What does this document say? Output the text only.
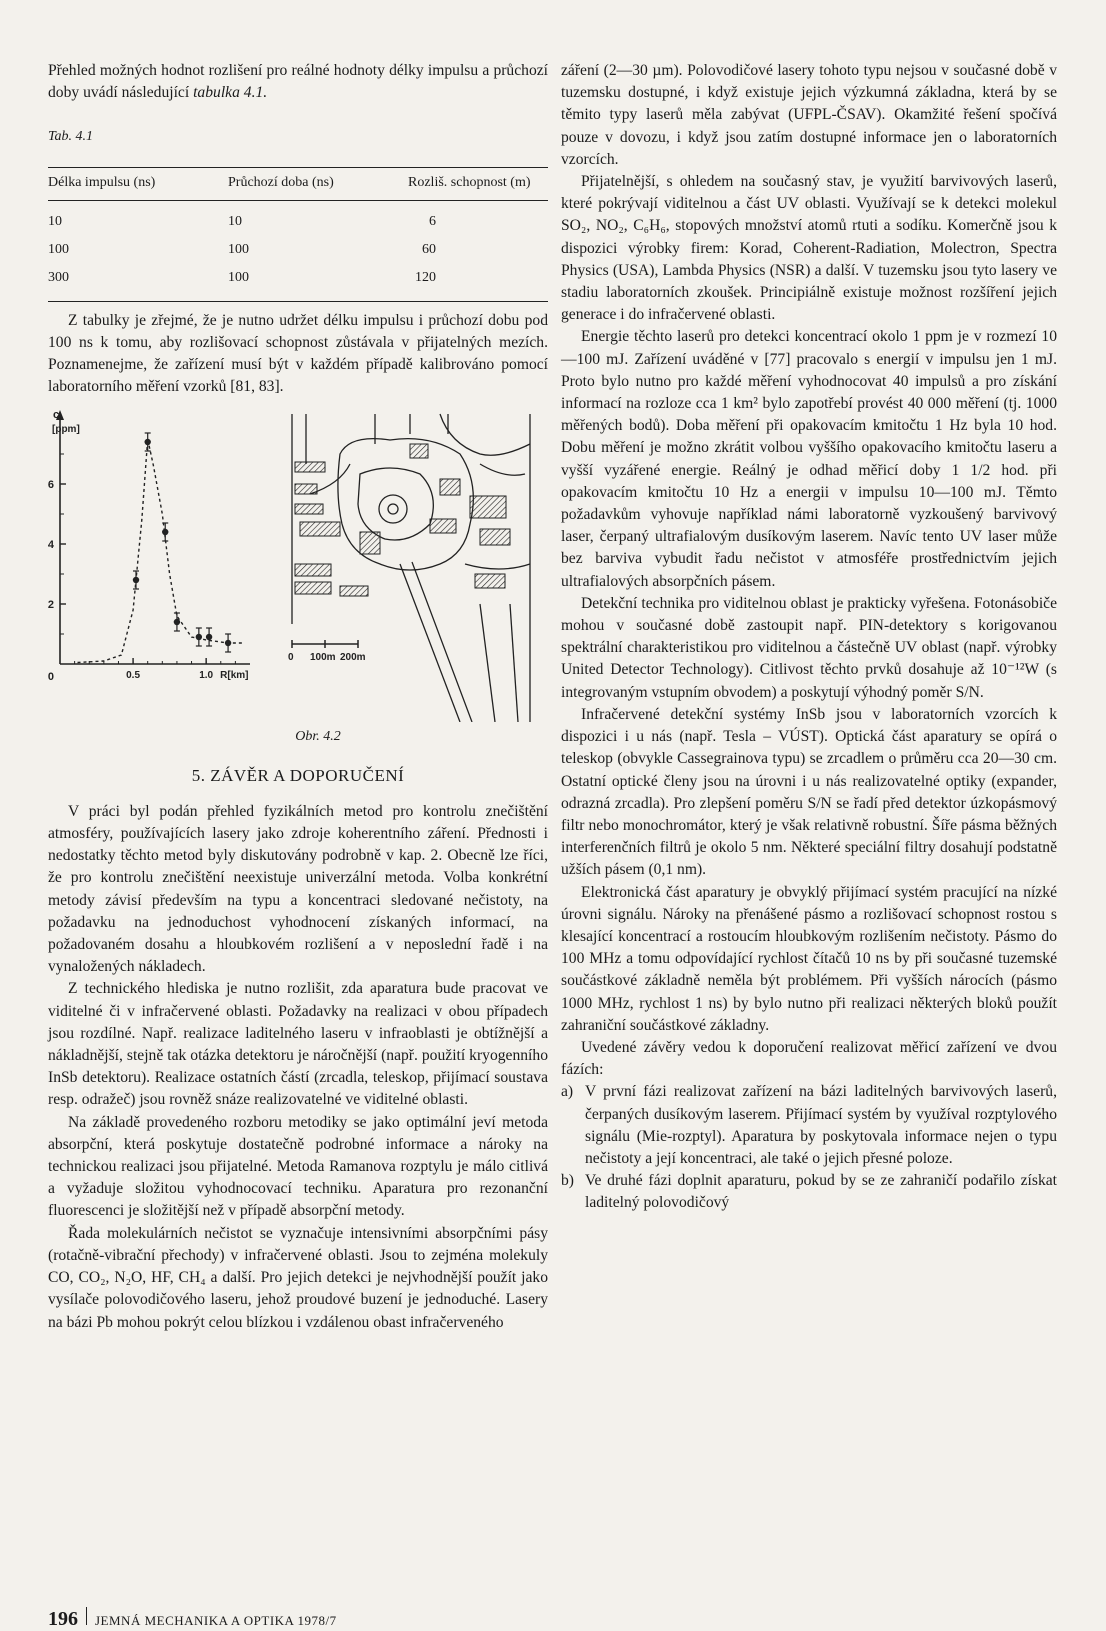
Přehled možných hodnot rozlišení pro reálné hodnoty délky impulsu a průchozí doby uvádí následující tabulka 4.1.

Tab. 4.1
Délka impulsu (ns)	Průchozí doba (ns)	Rozliš. schopnost (m)
10	10	6
100	100	60
300	100	120

Z tabulky je zřejmé, že je nutno udržet délku impulsu i průchozí dobu pod 100 ns k tomu, aby rozlišovací schopnost zůstávala v přijatelných mezích. Poznamenejme, že zařízení musí být v každém případě kalibrováno pomocí laboratorního měření vzorků [81, 83].

6
4
2
0	0.5	1.0 R[km]
c
[ppm]
0 100m 200m
Obr. 4.2
5. ZÁVĚR A DOPORUČENÍ

V práci byl podán přehled fyzikálních metod pro kontrolu znečištění atmosféry, používajících lasery jako zdroje koherentního záření. Přednosti i nedostatky těchto metod byly diskutovány podrobně v kap. 2. Obecně lze říci, že pro kontrolu znečištění neexistuje univerzální metoda. Volba konkrétní metody závisí především na typu a koncentraci sledované nečistoty, na požadavku na jednoduchost vyhodnocení získaných informací, na požadovaném dosahu a hloubkovém rozlišení a v neposlední řadě i na vynaložených nákladech.

Z technického hlediska je nutno rozlišit, zda aparatura bude pracovat ve viditelné či v infračervené oblasti. Požadavky na realizaci v obou případech jsou rozdílné. Např. realizace laditelného laseru v infraoblasti je obtížnější a nákladnější, stejně tak otázka detektoru je náročnější (např. použití kryogenního InSb detektoru). Realizace ostatních částí (zrcadla, teleskop, přijímací soustava resp. odražeč) jsou rovněž snáze realizovatelné ve viditelné oblasti.

Na základě provedeného rozboru metodiky se jako optimální jeví metoda absorpční, která poskytuje dostatečně podrobné informace a nároky na technickou realizaci jsou přijatelné. Metoda Ramanova rozptylu je málo citlivá a vyžaduje složitou vyhodnocovací techniku. Aparatura pro rezonanční fluorescenci je složitější než v případě absorpční metody.

Řada molekulárních nečistot se vyznačuje intensivními absorpčními pásy (rotačně-vibrační přechody) v infračervené oblasti. Jsou to zejména molekuly CO, CO₂, N₂O, HF, CH₄ a další. Pro jejich detekci je nejvhodnější použít jako vysílače polovodičového laseru, jehož proudové buzení je jednoduché. Lasery na bázi Pb mohou pokrýt celou blízkou i vzdálenou obast infračerveného

záření (2—30 µm). Polovodičové lasery tohoto typu nejsou v současné době v tuzemsku dostupné, i když existuje jejich výzkumná základna, která by se těmito typy laserů měla zabývat (UFPL-ČSAV). Okamžité řešení spočívá pouze v dovozu, i když jsou zatím dostupné informace jen o laboratorních vzorcích.

Přijatelnější, s ohledem na současný stav, je využití barvivových laserů, které pokrývají viditelnou a část UV oblasti. Využívají se k detekci molekul SO₂, NO₂, C₆H₆, stopových množství atomů rtuti a sodíku. Komerčně jsou k dispozici výrobky firem: Korad, Coherent-Radiation, Molectron, Spectra Physics (USA), Lambda Physics (NSR) a další. V tuzemsku jsou tyto lasery ve stadiu laboratorních zkoušek. Principiálně existuje možnost rozšíření jejich generace i do infračervené oblasti.

Energie těchto laserů pro detekci koncentrací okolo 1 ppm je v rozmezí 10—100 mJ. Zařízení uváděné v [77] pracovalo s energií v impulsu jen 1 mJ. Proto bylo nutno pro každé měření vyhodnocovat 40 impulsů a pro získání informací na rozloze cca 1 km² bylo zapotřebí provést 40 000 měření (tj. 1000 měřených bodů). Doba měření při opakovacím kmitočtu 1 Hz byla 10 hod. Dobu měření je možno zkrátit volbou vyššího opakovacího kmitočtu laseru a vyšší vyzářené energie. Reálný je odhad měřicí doby 1 1/2 hod. při opakovacím kmitočtu 10 Hz a energii v impulsu 10—100 mJ. Těmto požadavkům vyhovuje například námi laboratorně vyzkoušený barvivový laser, čerpaný ultrafialovým dusíkovým laserem. Navíc tento UV laser může bez barviva vybudit řadu nečistot v atmosféře prostřednictvím jejich ultrafialových absorpčních pásem.

Detekční technika pro viditelnou oblast je prakticky vyřešena. Fotonásobiče mohou v současné době zastoupit např. PIN-detektory s korigovanou spektrální charakteristikou pro viditelnou a částečně UV oblast (např. výrobky United Detector Technology). Citlivost těchto prvků dosahuje až 10⁻¹²W (s integrovaným vstupním obvodem) a poskytují výhodný poměr S/N.

Infračervené detekční systémy InSb jsou v laboratorních vzorcích k dispozici i u nás (např. Tesla – VÚST). Optická část aparatury se opírá o teleskop (obvykle Cassegrainova typu) se zrcadlem o průměru cca 20—30 cm. Ostatní optické členy jsou na úrovni i u nás realizovatelné optiky (expander, odrazná zrcadla). Pro zlepšení poměru S/N se řadí před detektor úzkopásmový filtr nebo monochromátor, který je však relativně robustní. Šíře pásma běžných interferenčních filtrů je okolo 5 nm. Některé speciální filtry dosahují podstatně užších pásem (0,1 nm).

Elektronická část aparatury je obvyklý přijímací systém pracující na nízké úrovni signálu. Nároky na přenášené pásmo a rozlišovací schopnost rostou s klesající koncentrací a rostoucím hloubkovým rozlišením nečistoty. Pásmo do 100 MHz a tomu odpovídající rychlost čítačů 10 ns by při současné tuzemské součástkové základně neměla být problémem. Při vyšších nárocích (pásmo 1000 MHz, rychlost 1 ns) by bylo nutno při realizaci některých bloků použít zahraniční součástkové základny.

Uvedené závěry vedou k doporučení realizovat měřicí zařízení ve dvou fázích:

a) V první fázi realizovat zařízení na bázi laditelných barvivových laserů, čerpaných dusíkovým laserem. Přijímací systém by využíval rozptylového signálu (Mie-rozptyl). Aparatura by poskytovala informace nejen o typu nečistoty a její koncentraci, ale také o jejich přesné poloze.
b) Ve druhé fázi doplnit aparaturu, pokud by se ze zahraničí podařilo získat laditelný polovodičový
196 JEMNÁ MECHANIKA A OPTIKA 1978/7
